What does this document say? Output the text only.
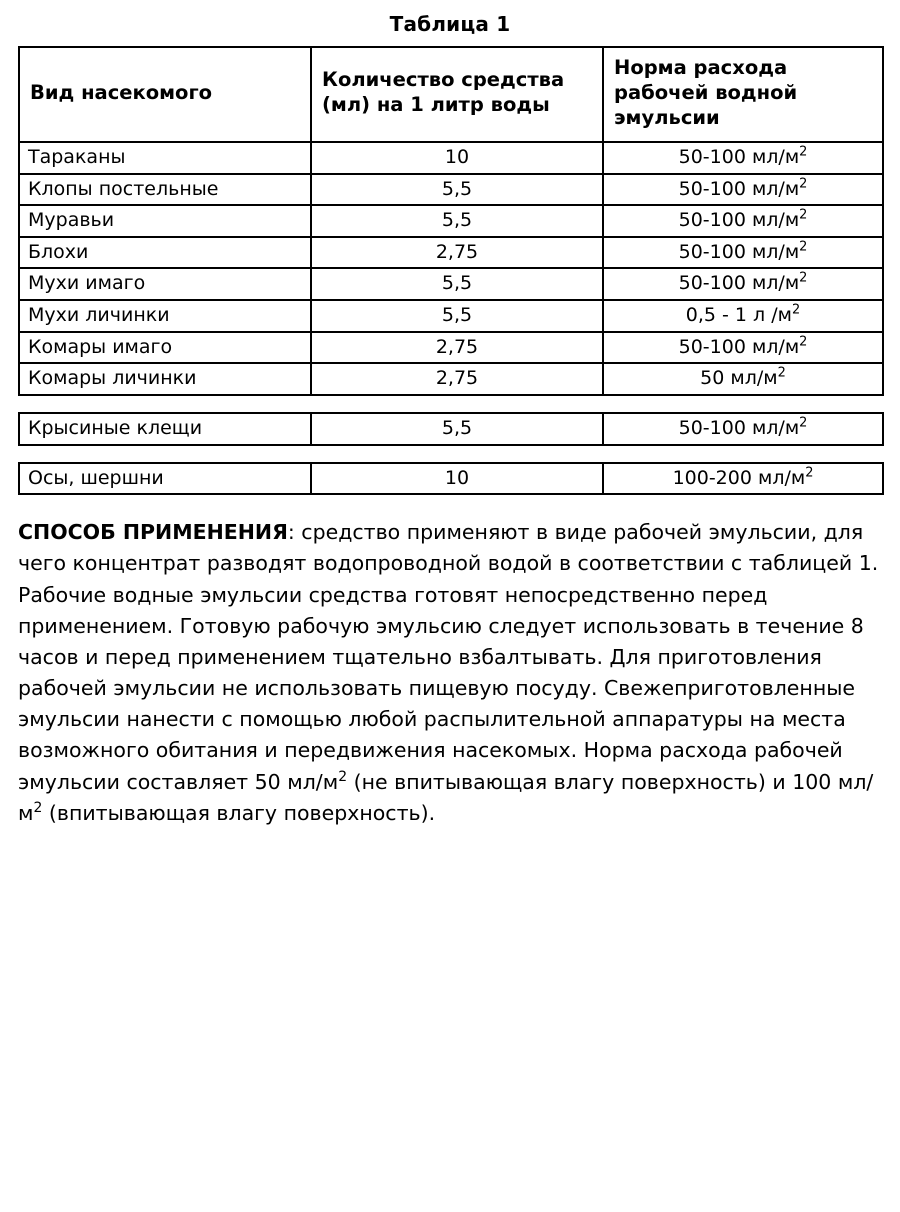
Таблица 1
Вид насекомого	Количество средства (мл) на 1 литр воды	Норма расхода рабочей водной эмульсии
Тараканы	10	50-100 $мл/м^2$
Клопы постельные	5,5	50-100 $мл/м^2$
Муравьи	5,5	50-100 $мл/м^2$
Блохи	2,75	50-100 $мл/м^2$
Мухи имаго	5,5	50-100 $мл/м^2$
Мухи личинки	5,5	0,5 - 1 л $/м^2$
Комары имаго	2,75	50-100 $мл/м^2$
Комары личинки	2,75	50 $мл/м^2$

Крысиные клещи	5,5	50-100 $мл/м^2$

Осы, шершни	10	100-200 $мл/м^2$
СПОСОБ ПРИМЕНЕНИЯ: средство применяют в виде рабочей эмульсии, для чего концентрат разводят водопроводной водой в соответствии с таблицей 1. Рабочие водные эмульсии средства готовят непосредственно перед применением. Готовую рабочую эмульсию следует использовать в течение 8 часов и перед применением тщательно взбалтывать. Для приготовления рабочей эмульсии не использовать пищевую посуду. Свежеприготовленные эмульсии нанести с помощью любой распылительной аппаратуры на места возможного обитания и передвижения насекомых. Норма расхода рабочей эмульсии составляет 50 $мл/м^2$ (не впитывающая влагу поверхность) и 100 $мл/м^2$ (впитывающая влагу поверхность).
